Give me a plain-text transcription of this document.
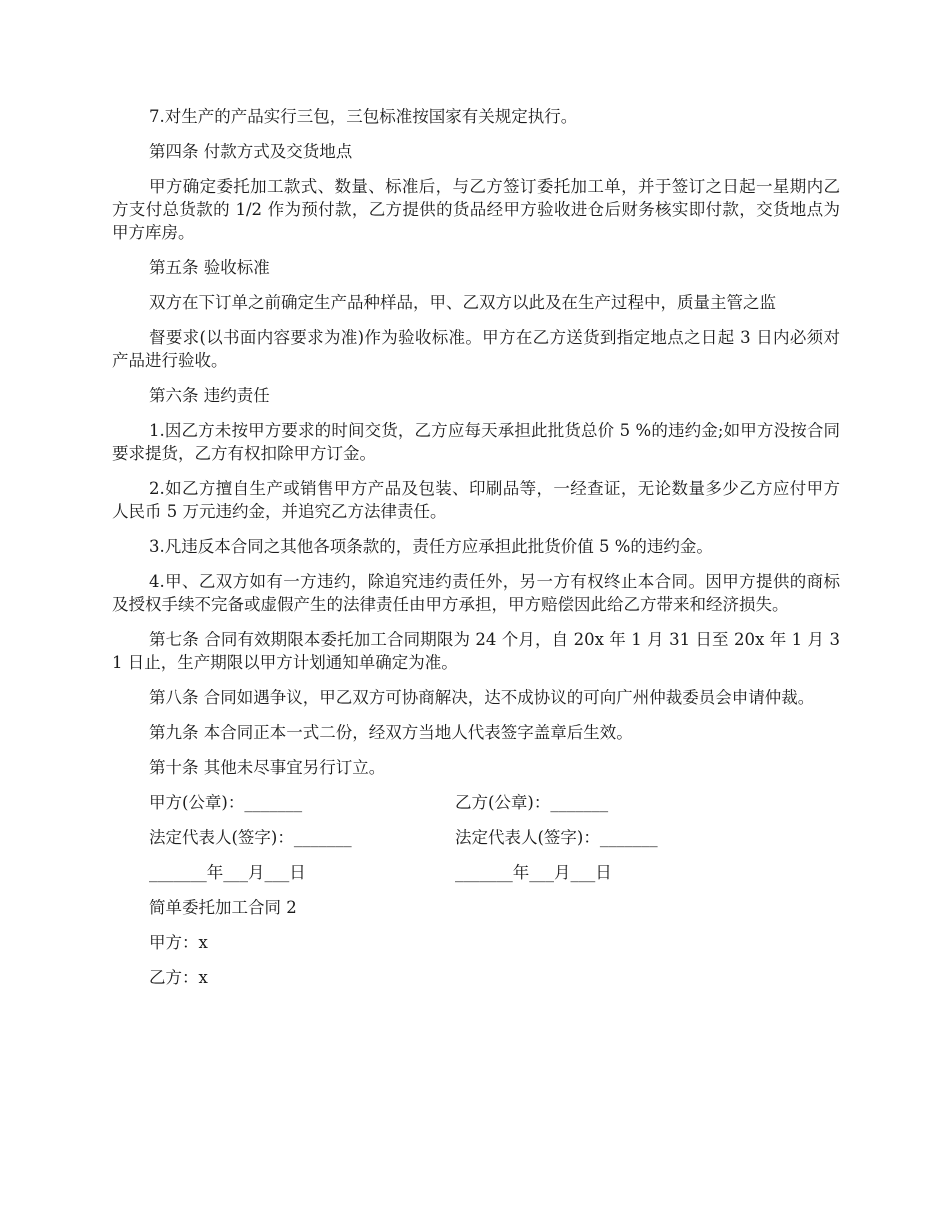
7.对生产的产品实行三包，三包标准按国家有关规定执行。

第四条 付款方式及交货地点

甲方确定委托加工款式、数量、标准后，与乙方签订委托加工单，并于签订之日起一星期内乙方支付总货款的 1/2 作为预付款，乙方提供的货品经甲方验收进仓后财务核实即付款，交货地点为甲方库房。

第五条 验收标准

双方在下订单之前确定生产品种样品，甲、乙双方以此及在生产过程中，质量主管之监

督要求(以书面内容要求为准)作为验收标准。甲方在乙方送货到指定地点之日起 3 日内必须对产品进行验收。

第六条 违约责任

1.因乙方未按甲方要求的时间交货，乙方应每天承担此批货总价 5 %的违约金;如甲方没按合同要求提货，乙方有权扣除甲方订金。

2.如乙方擅自生产或销售甲方产品及包装、印刷品等，一经查证，无论数量多少乙方应付甲方人民币 5 万元违约金，并追究乙方法律责任。

3.凡违反本合同之其他各项条款的，责任方应承担此批货价值 5 %的违约金。

4.甲、乙双方如有一方违约，除追究违约责任外，另一方有权终止本合同。因甲方提供的商标及授权手续不完备或虚假产生的法律责任由甲方承担，甲方赔偿因此给乙方带来和经济损失。

第七条 合同有效期限本委托加工合同期限为 24 个月，自 20x 年 1 月 31 日至 20x 年 1 月 31 日止，生产期限以甲方计划通知单确定为准。

第八条 合同如遇争议，甲乙双方可协商解决，达不成协议的可向广州仲裁委员会申请仲裁。

第九条 本合同正本一式二份，经双方当地人代表签字盖章后生效。

第十条 其他未尽事宜另行订立。

甲方(公章)：_______	乙方(公章)：_______
法定代表人(签字)：_______	法定代表人(签字)：_______
_______年___月___日	_______年___月___日

简单委托加工合同 2

甲方：x

乙方：x
